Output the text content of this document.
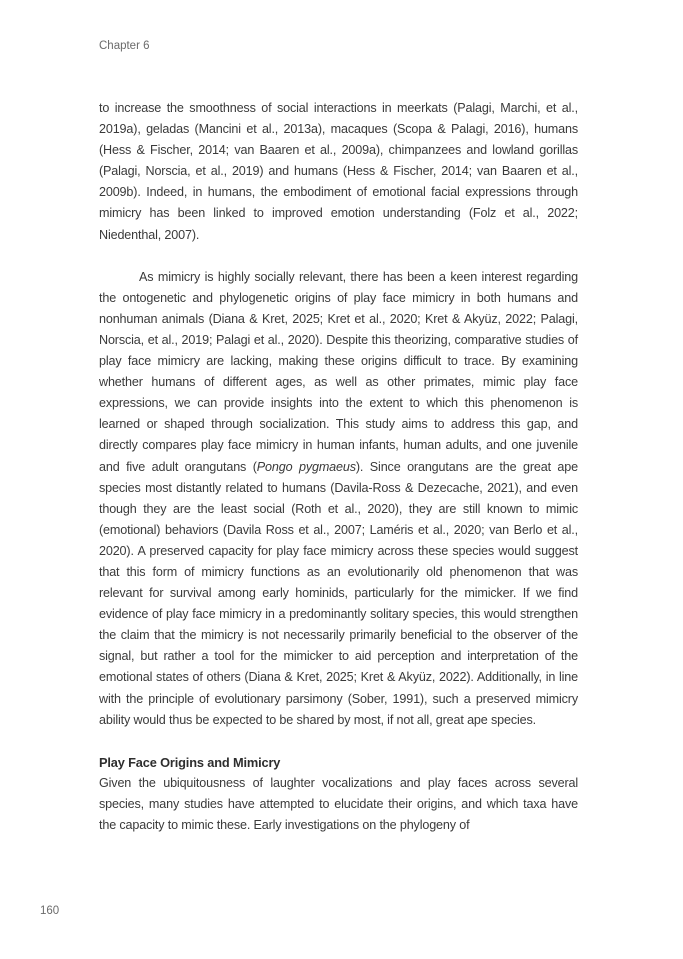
Chapter 6

to increase the smoothness of social interactions in meerkats (Palagi, Marchi, et al., 2019a), geladas (Mancini et al., 2013a), macaques (Scopa & Palagi, 2016), humans (Hess & Fischer, 2014; van Baaren et al., 2009a), chimpanzees and lowland gorillas (Palagi, Norscia, et al., 2019) and humans (Hess & Fischer, 2014; van Baaren et al., 2009b). Indeed, in humans, the embodiment of emotional facial expressions through mimicry has been linked to improved emotion understanding (Folz et al., 2022; Niedenthal, 2007).

As mimicry is highly socially relevant, there has been a keen interest regarding the ontogenetic and phylogenetic origins of play face mimicry in both humans and nonhuman animals (Diana & Kret, 2025; Kret et al., 2020; Kret & Akyüz, 2022; Palagi, Norscia, et al., 2019; Palagi et al., 2020). Despite this theorizing, comparative studies of play face mimicry are lacking, making these origins difficult to trace. By examining whether humans of different ages, as well as other primates, mimic play face expressions, we can provide insights into the extent to which this phenomenon is learned or shaped through socialization. This study aims to address this gap, and directly compares play face mimicry in human infants, human adults, and one juvenile and five adult orangutans (Pongo pygmaeus). Since orangutans are the great ape species most distantly related to humans (Davila-Ross & Dezecache, 2021), and even though they are the least social (Roth et al., 2020), they are still known to mimic (emotional) behaviors (Davila Ross et al., 2007; Laméris et al., 2020; van Berlo et al., 2020). A preserved capacity for play face mimicry across these species would suggest that this form of mimicry functions as an evolutionarily old phenomenon that was relevant for survival among early hominids, particularly for the mimicker. If we find evidence of play face mimicry in a predominantly solitary species, this would strengthen the claim that the mimicry is not necessarily primarily beneficial to the observer of the signal, but rather a tool for the mimicker to aid perception and interpretation of the emotional states of others (Diana & Kret, 2025; Kret & Akyüz, 2022). Additionally, in line with the principle of evolutionary parsimony (Sober, 1991), such a preserved mimicry ability would thus be expected to be shared by most, if not all, great ape species.

Play Face Origins and Mimicry

Given the ubiquitousness of laughter vocalizations and play faces across several species, many studies have attempted to elucidate their origins, and which taxa have the capacity to mimic these. Early investigations on the phylogeny of

160
